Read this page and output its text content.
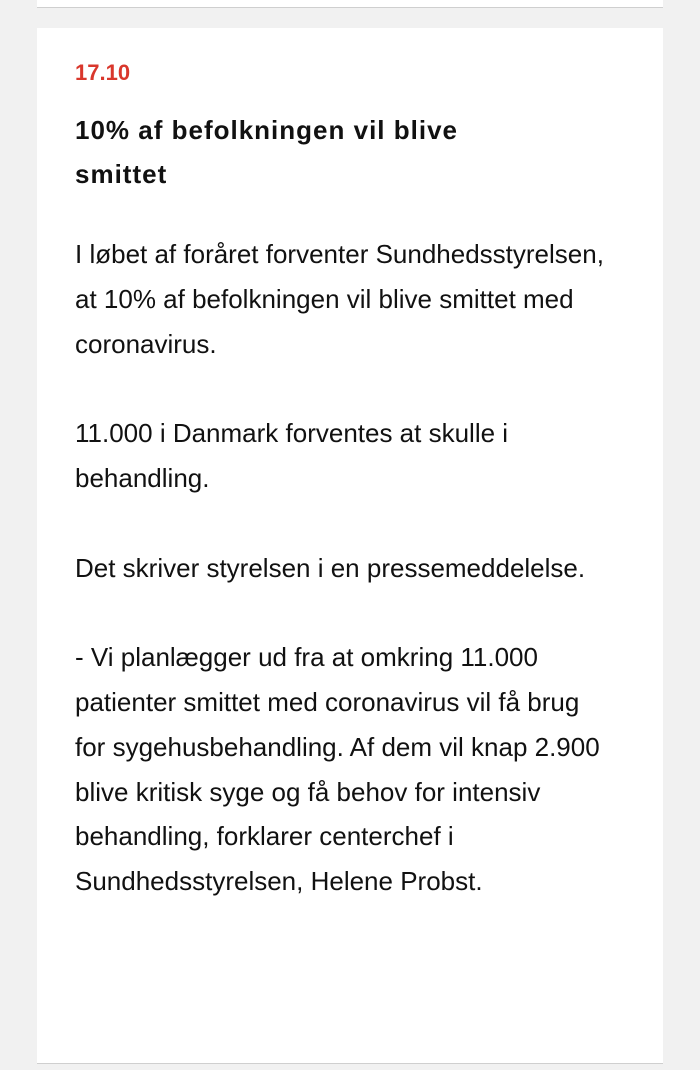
17.10
10% af befolkningen vil blive smittet

I løbet af foråret forventer Sundhedsstyrelsen, at 10% af befolkningen vil blive smittet med coronavirus.

11.000 i Danmark forventes at skulle i behandling.

Det skriver styrelsen i en pressemeddelelse.

- Vi planlægger ud fra at omkring 11.000 patienter smittet med coronavirus vil få brug for sygehusbehandling. Af dem vil knap 2.900 blive kritisk syge og få behov for intensiv behandling, forklarer centerchef i Sundhedsstyrelsen, Helene Probst.
